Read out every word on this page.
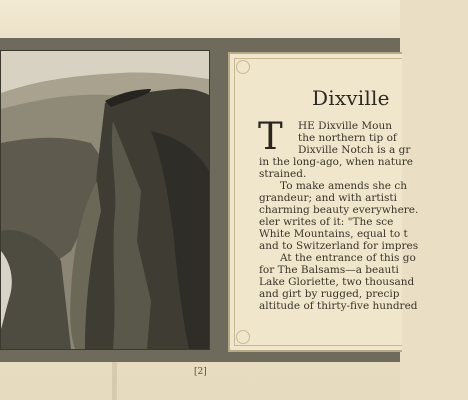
Dixville
T HE Dixville Moun
the northern tip of
Dixville Notch is a gr
in the long-ago, when nature
strained.
To make amends she ch
grandeur; and with artisti
charming beauty everywhere.
eler writes of it: "The sce
White Mountains, equal to t
and to Switzerland for impres
At the entrance of this go
for The Balsams—a beauti
Lake Gloriette, two thousand
and girt by rugged, precip
altitude of thirty-five hundred
[2]
